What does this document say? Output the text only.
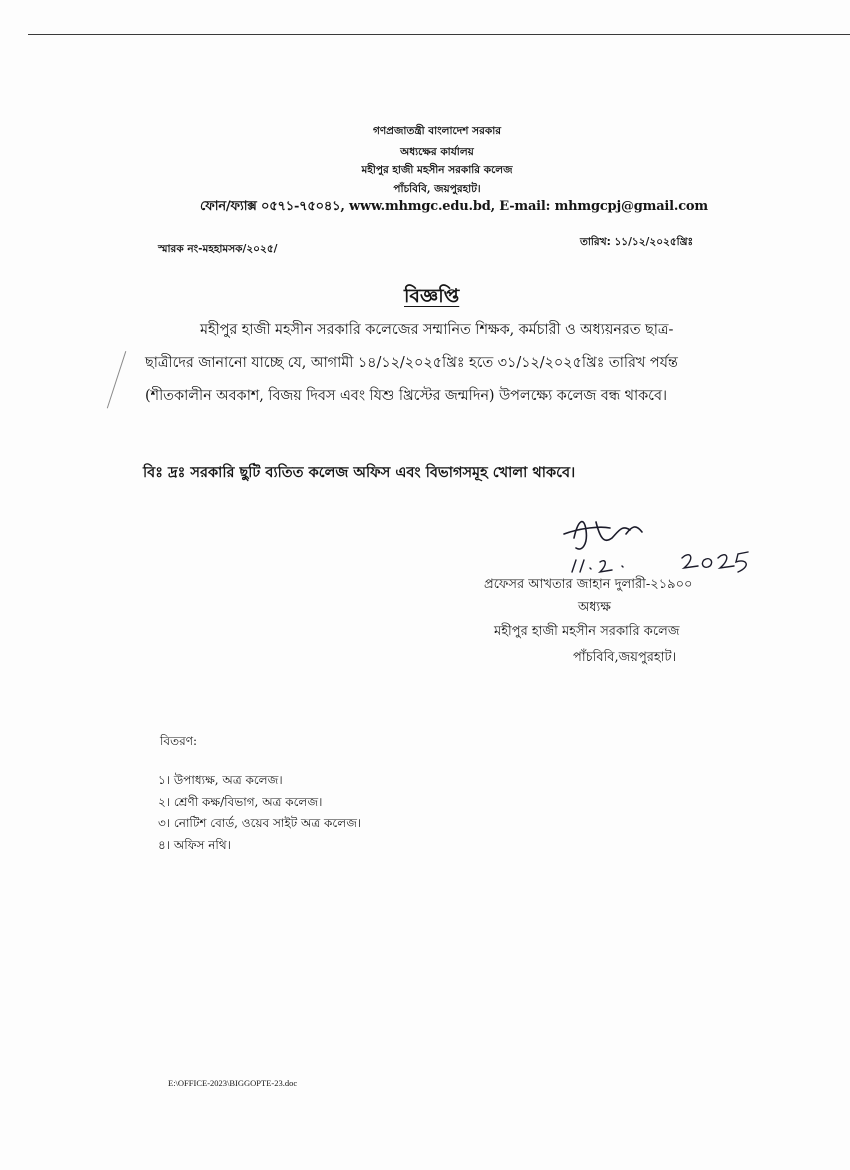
গণপ্রজাতন্ত্রী বাংলাদেশ সরকার
অধ্যক্ষের কার্যালয়
মহীপুর হাজী মহসীন সরকারি কলেজ
পাঁচবিবি, জয়পুরহাট।
ফোন/ফ্যাক্স ০৫৭১-৭৫০৪১, www.mhmgc.edu.bd, E-mail: mhmgcpj@gmail.com
স্মারক নং-মহহামসক/২০২৫/
তারিখ: ১১/১২/২০২৫খ্রিঃ
বিজ্ঞপ্তি
মহীপুর হাজী মহসীন সরকারি কলেজের সম্মানিত শিক্ষক, কর্মচারী ও অধ্যয়নরত ছাত্র-
ছাত্রীদের জানানো যাচ্ছে যে, আগামী ১৪/১২/২০২৫খ্রিঃ হতে ৩১/১২/২০২৫খ্রিঃ তারিখ পর্যন্ত
(শীতকালীন অবকাশ, বিজয় দিবস এবং যিশু খ্রিস্টের জন্মদিন) উপলক্ষ্যে কলেজ বন্ধ থাকবে।
বিঃ দ্রঃ সরকারি ছুটি ব্যতিত কলেজ অফিস এবং বিভাগসমূহ খোলা থাকবে।
প্রফেসর আখতার জাহান দুলারী-২১৯০০
অধ্যক্ষ
মহীপুর হাজী মহসীন সরকারি কলেজ
পাঁচবিবি,জয়পুরহাট।
বিতরণ:
১। উপাধ্যক্ষ, অত্র কলেজ।
২। শ্রেণী কক্ষ/বিভাগ, অত্র কলেজ।
৩। নোটিশ বোর্ড, ওয়েব সাইট অত্র কলেজ।
৪। অফিস নথি।
E:\OFFICE-2023\BIGGOPTE-23.doc
